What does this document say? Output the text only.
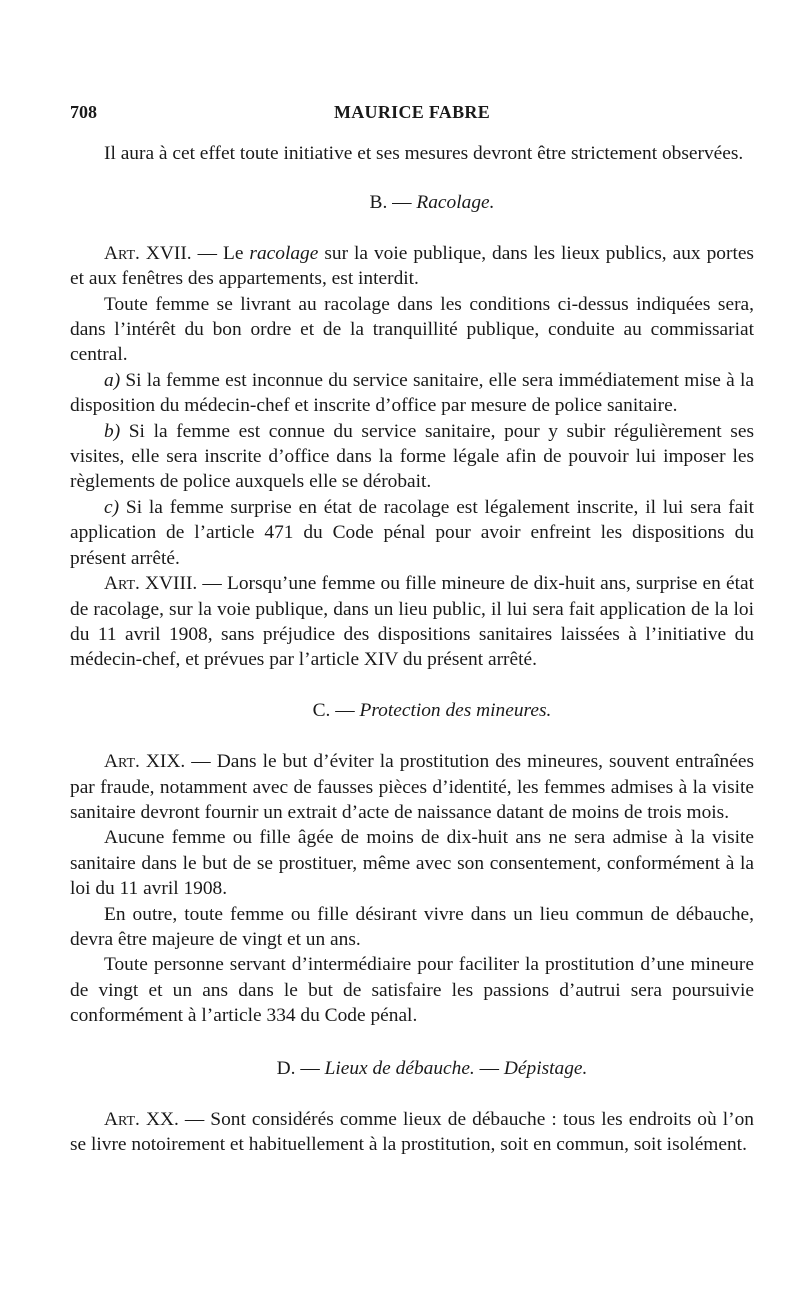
708	MAURICE FABRE

Il aura à cet effet toute initiative et ses mesures devront être strictement observées.

B. — Racolage.

Art. XVII. — Le racolage sur la voie publique, dans les lieux publics, aux portes et aux fenêtres des appartements, est interdit.

Toute femme se livrant au racolage dans les conditions ci-dessus indiquées sera, dans l’intérêt du bon ordre et de la tranquillité publique, conduite au commissariat central.

a) Si la femme est inconnue du service sanitaire, elle sera immédiatement mise à la disposition du médecin-chef et inscrite d’office par mesure de police sanitaire.

b) Si la femme est connue du service sanitaire, pour y subir régulièrement ses visites, elle sera inscrite d’office dans la forme légale afin de pouvoir lui imposer les règlements de police auxquels elle se dérobait.

c) Si la femme surprise en état de racolage est légalement inscrite, il lui sera fait application de l’article 471 du Code pénal pour avoir enfreint les dispositions du présent arrêté.

Art. XVIII. — Lorsqu’une femme ou fille mineure de dix-huit ans, surprise en état de racolage, sur la voie publique, dans un lieu public, il lui sera fait application de la loi du 11 avril 1908, sans préjudice des dispositions sanitaires laissées à l’initiative du médecin-chef, et prévues par l’article XIV du présent arrêté.

C. — Protection des mineures.

Art. XIX. — Dans le but d’éviter la prostitution des mineures, souvent entraînées par fraude, notamment avec de fausses pièces d’identité, les femmes admises à la visite sanitaire devront fournir un extrait d’acte de naissance datant de moins de trois mois.

Aucune femme ou fille âgée de moins de dix-huit ans ne sera admise à la visite sanitaire dans le but de se prostituer, même avec son consentement, conformément à la loi du 11 avril 1908.

En outre, toute femme ou fille désirant vivre dans un lieu commun de débauche, devra être majeure de vingt et un ans.

Toute personne servant d’intermédiaire pour faciliter la prostitution d’une mineure de vingt et un ans dans le but de satisfaire les passions d’autrui sera poursuivie conformément à l’article 334 du Code pénal.

D. — Lieux de débauche. — Dépistage.

Art. XX. — Sont considérés comme lieux de débauche : tous les endroits où l’on se livre notoirement et habituellement à la prostitution, soit en commun, soit isolément.
